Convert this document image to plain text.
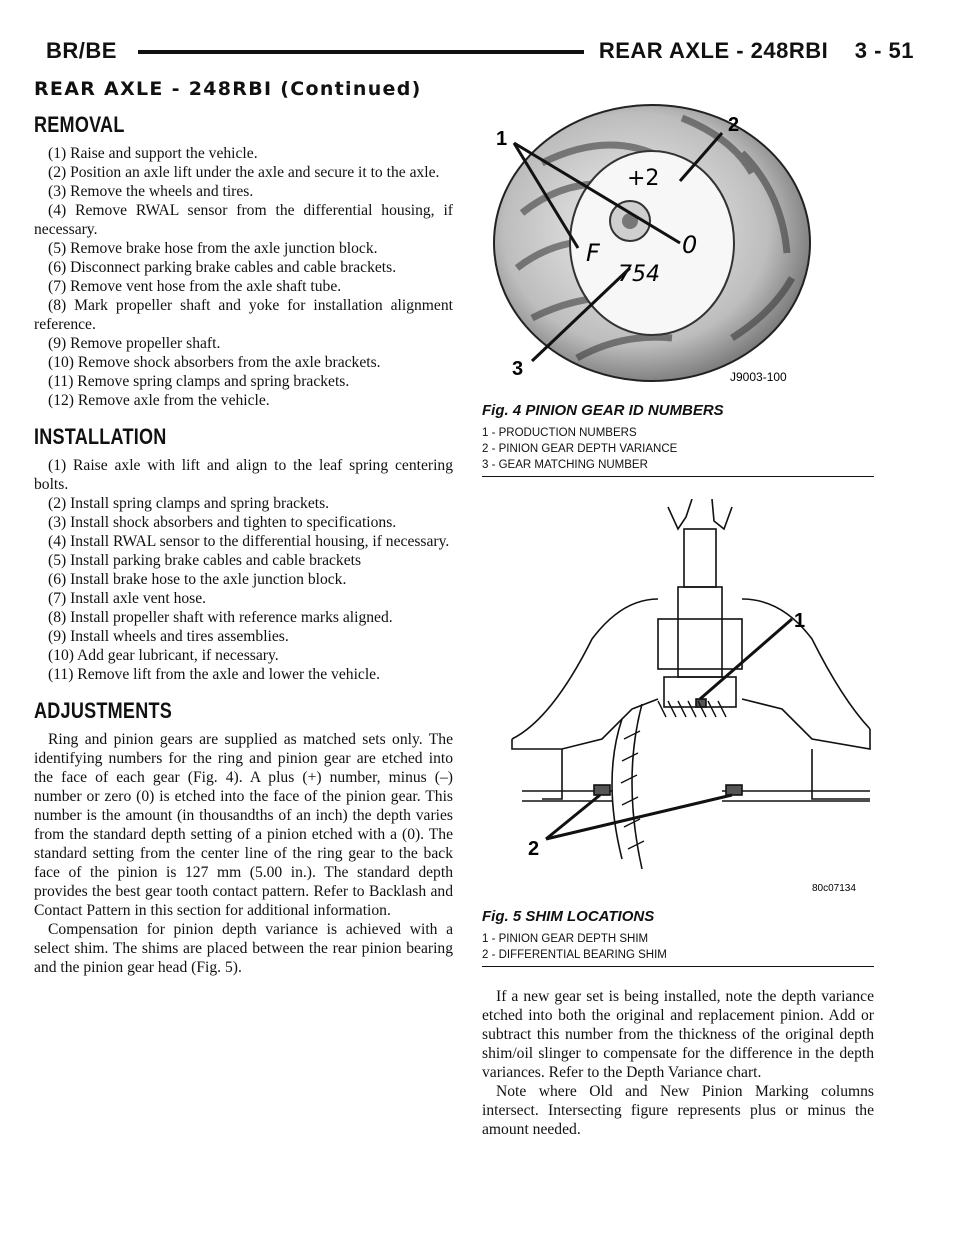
BR/BE	REAR AXLE - 248RBI    3 - 51
REAR AXLE - 248RBI (Continued)
REMOVAL

(1) Raise and support the vehicle.

(2) Position an axle lift under the axle and secure it to the axle.

(3) Remove the wheels and tires.

(4) Remove RWAL sensor from the differential housing, if necessary.

(5) Remove brake hose from the axle junction block.

(6) Disconnect parking brake cables and cable brackets.

(7) Remove vent hose from the axle shaft tube.

(8) Mark propeller shaft and yoke for installation alignment reference.

(9) Remove propeller shaft.

(10) Remove shock absorbers from the axle brackets.

(11) Remove spring clamps and spring brackets.

(12) Remove axle from the vehicle.

INSTALLATION

(1) Raise axle with lift and align to the leaf spring centering bolts.

(2) Install spring clamps and spring brackets.

(3) Install shock absorbers and tighten to specifications.

(4) Install RWAL sensor to the differential housing, if necessary.

(5) Install parking brake cables and cable brackets

(6) Install brake hose to the axle junction block.

(7) Install axle vent hose.

(8) Install propeller shaft with reference marks aligned.

(9) Install wheels and tires assemblies.

(10) Add gear lubricant, if necessary.

(11) Remove lift from the axle and lower the vehicle.

ADJUSTMENTS

Ring and pinion gears are supplied as matched sets only. The identifying numbers for the ring and pinion gear are etched into the face of each gear (Fig. 4). A plus (+) number, minus (–) number or zero (0) is etched into the face of the pinion gear. This number is the amount (in thousandths of an inch) the depth varies from the standard depth setting of a pinion etched with a (0). The standard setting from the center line of the ring gear to the back face of the pinion is 127 mm (5.00 in.). The standard depth provides the best gear tooth contact pattern. Refer to Backlash and Contact Pattern in this section for additional information.

Compensation for pinion depth variance is achieved with a select shim. The shims are placed between the rear pinion bearing and the pinion gear head (Fig. 5).

+2
F	0
754
1
2
3	J9003-100
Fig. 4 PINION GEAR ID NUMBERS
1 - PRODUCTION NUMBERS
2 - PINION GEAR DEPTH VARIANCE
3 - GEAR MATCHING NUMBER
1
2
80c07134
Fig. 5 SHIM LOCATIONS
1 - PINION GEAR DEPTH SHIM
2 - DIFFERENTIAL BEARING SHIM

If a new gear set is being installed, note the depth variance etched into both the original and replacement pinion. Add or subtract this number from the thickness of the original depth shim/oil slinger to compensate for the difference in the depth variances. Refer to the Depth Variance chart.

Note where Old and New Pinion Marking columns intersect. Intersecting figure represents plus or minus the amount needed.
